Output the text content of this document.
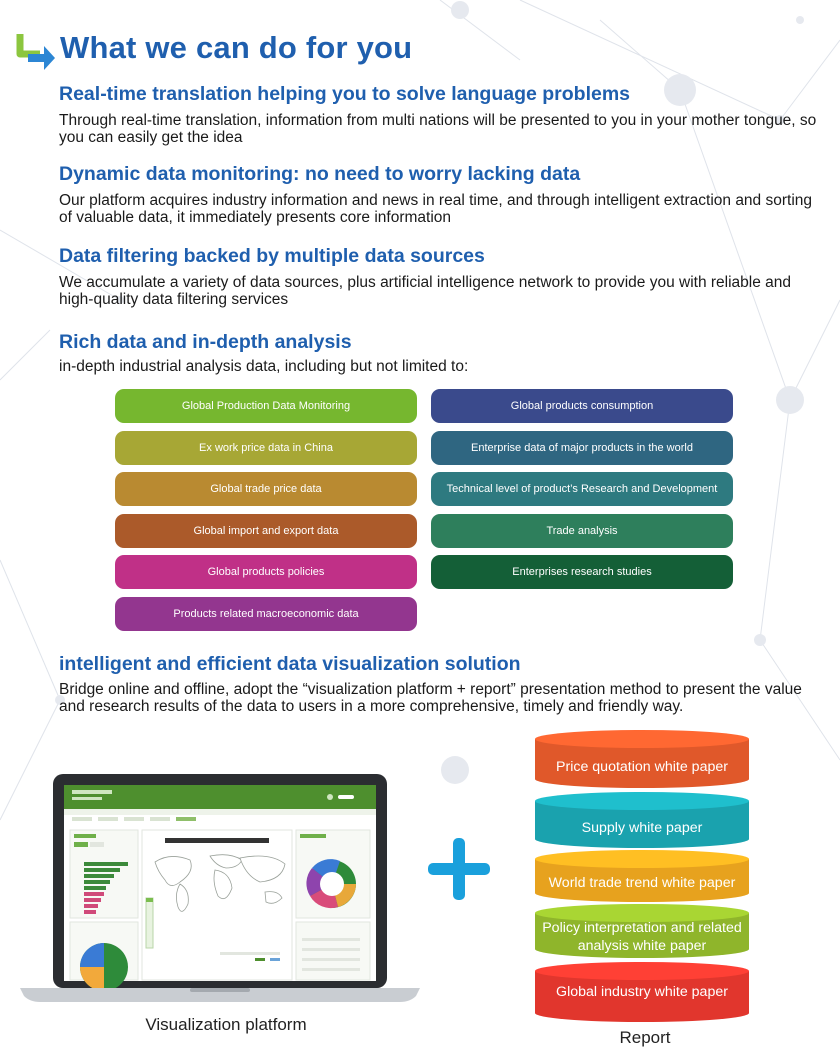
What we can do for you
Real-time translation helping you to solve language problems

Through real-time translation, information from multi nations will be presented to you in your mother tongue, so you can easily get the idea

Dynamic data monitoring: no need to worry lacking data

Our platform acquires industry information and news in real time, and through intelligent extraction and sorting of valuable data, it immediately presents core information

Data filtering backed by multiple data sources

We accumulate a variety of data sources, plus artificial intelligence network to provide you with reliable and high-quality data filtering services

Rich data and in-depth analysis

in-depth industrial analysis data, including but not limited to:

Global Production Data Monitoring
Ex work price data in China
Global trade price data
Global import and export data
Global products policies
Products related macroeconomic data
Global products consumption
Enterprise data of major products in the world
Technical level of product’s Research and Development
Trade analysis
Enterprises research studies
intelligent and efficient data visualization solution

Bridge online and offline, adopt the “visualization platform + report” presentation method to present the value and research results of the data to users in a more comprehensive, timely and friendly way.

Visualization platform
Price quotation white paper
Supply white paper
World trade trend white paper
Policy interpretation and related analysis white paper
Global industry white paper
Report
